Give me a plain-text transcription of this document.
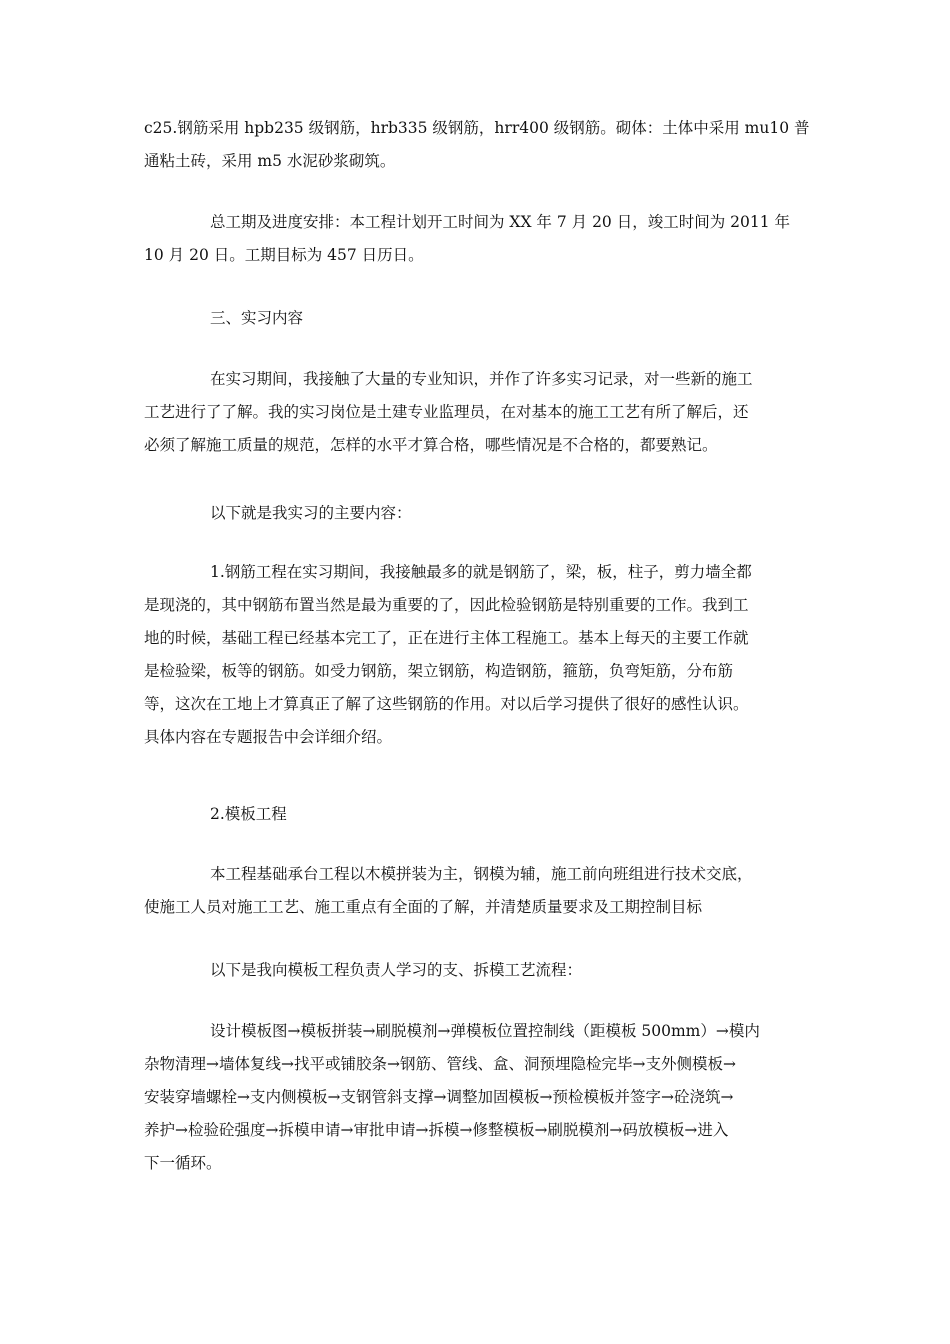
c25.钢筋采用 hpb235 级钢筋，hrb335 级钢筋，hrr400 级钢筋。砌体：土体中采用 mu10 普
通粘土砖，采用 m5 水泥砂浆砌筑。
总工期及进度安排：本工程计划开工时间为 XX 年 7 月 20 日，竣工时间为 2011 年
10 月 20 日。工期目标为 457 日历日。
三、实习内容
在实习期间，我接触了大量的专业知识，并作了许多实习记录，对一些新的施工
工艺进行了了解。我的实习岗位是土建专业监理员，在对基本的施工工艺有所了解后，还
必须了解施工质量的规范，怎样的水平才算合格，哪些情况是不合格的，都要熟记。
以下就是我实习的主要内容：
1.钢筋工程在实习期间，我接触最多的就是钢筋了，梁，板，柱子，剪力墙全都
是现浇的，其中钢筋布置当然是最为重要的了，因此检验钢筋是特别重要的工作。我到工
地的时候，基础工程已经基本完工了，正在进行主体工程施工。基本上每天的主要工作就
是检验梁，板等的钢筋。如受力钢筋，架立钢筋，构造钢筋，箍筋，负弯矩筋，分布筋
等，这次在工地上才算真正了解了这些钢筋的作用。对以后学习提供了很好的感性认识。
具体内容在专题报告中会详细介绍。
2.模板工程
本工程基础承台工程以木模拼装为主，钢模为辅，施工前向班组进行技术交底，
使施工人员对施工工艺、施工重点有全面的了解，并清楚质量要求及工期控制目标
以下是我向模板工程负责人学习的支、拆模工艺流程：
设计模板图→模板拼装→刷脱模剂→弹模板位置控制线（距模板 500mm）→模内
杂物清理→墙体复线→找平或铺胶条→钢筋、管线、盒、洞预埋隐检完毕→支外侧模板→
安装穿墙螺栓→支内侧模板→支钢管斜支撑→调整加固模板→预检模板并签字→砼浇筑→
养护→检验砼强度→拆模申请→审批申请→拆模→修整模板→刷脱模剂→码放模板→进入
下一循环。
